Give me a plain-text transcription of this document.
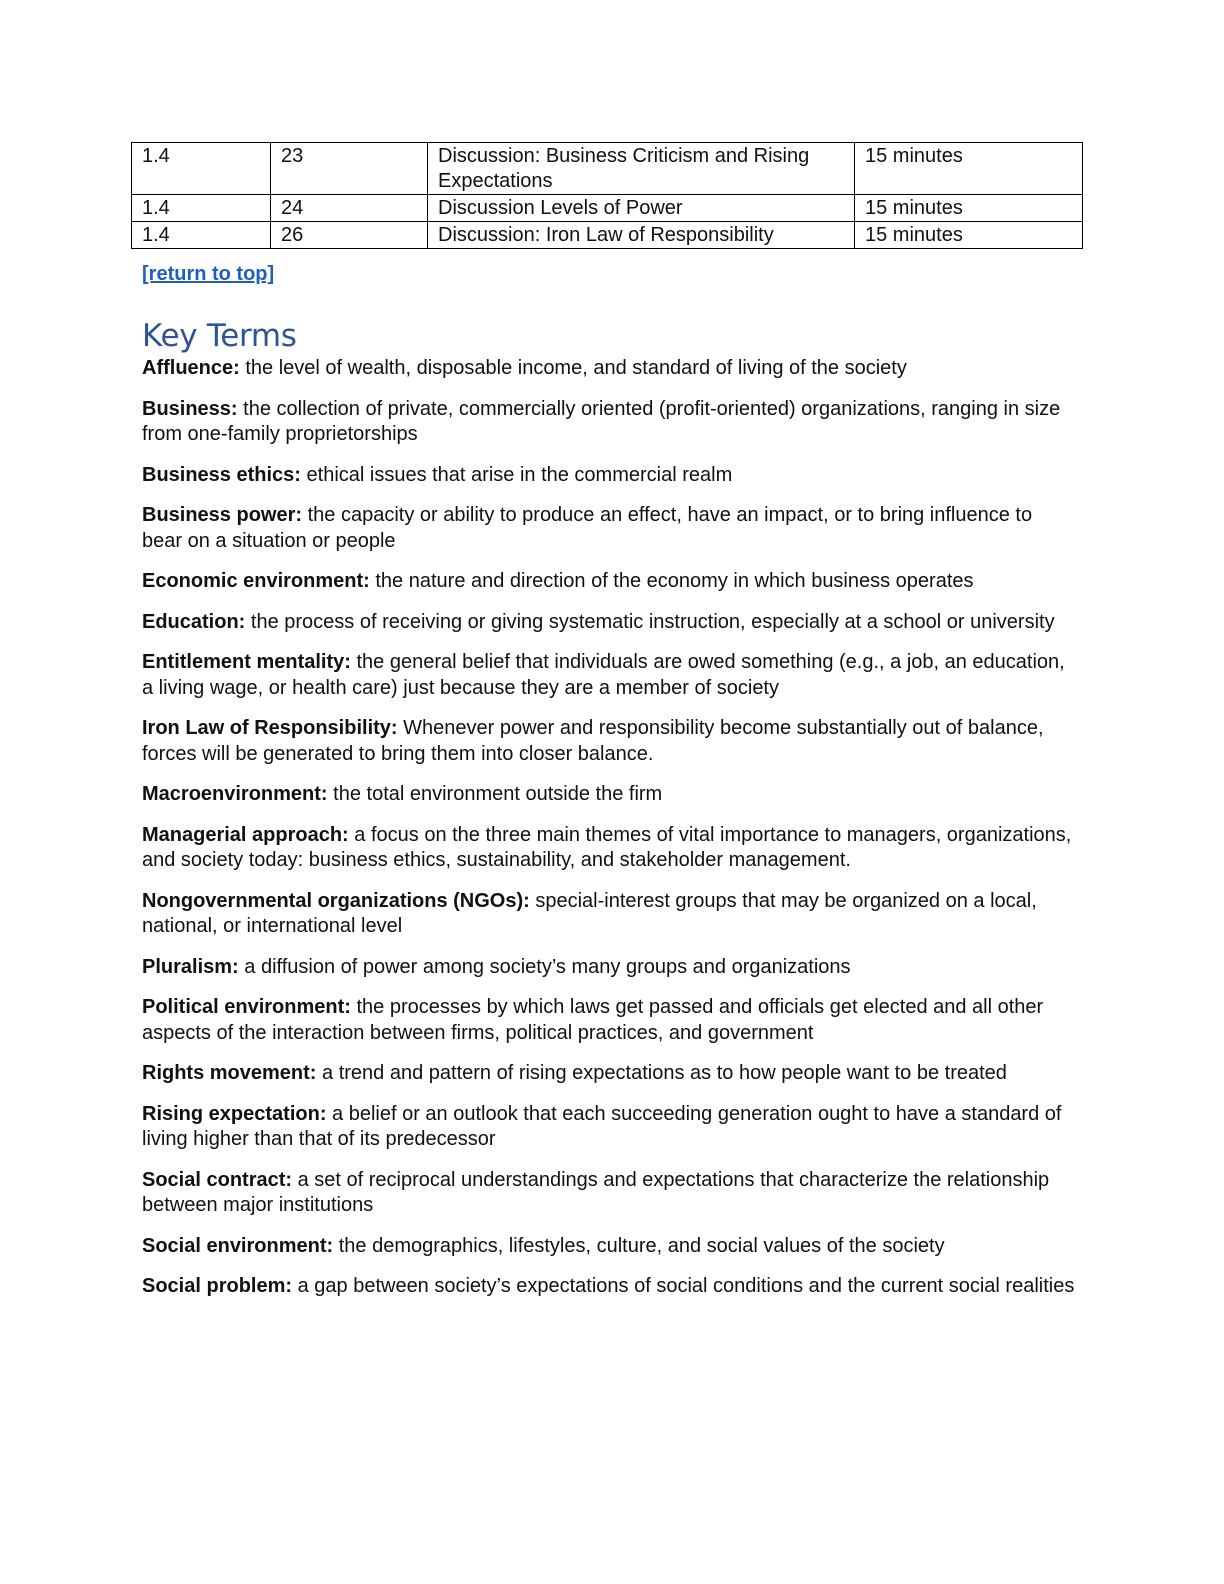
1.4	23	Discussion: Business Criticism and Rising Expectations	15 minutes
1.4	24	Discussion Levels of Power	15 minutes
1.4	26	Discussion: Iron Law of Responsibility	15 minutes
[return to top]
Key Terms

Affluence: the level of wealth, disposable income, and standard of living of the society

Business: the collection of private, commercially oriented (profit-oriented) organizations, ranging in size from one-family proprietorships

Business ethics: ethical issues that arise in the commercial realm

Business power: the capacity or ability to produce an effect, have an impact, or to bring influence to bear on a situation or people

Economic environment: the nature and direction of the economy in which business operates

Education: the process of receiving or giving systematic instruction, especially at a school or university

Entitlement mentality: the general belief that individuals are owed something (e.g., a job, an education, a living wage, or health care) just because they are a member of society

Iron Law of Responsibility: Whenever power and responsibility become substantially out of balance, forces will be generated to bring them into closer balance.

Macroenvironment: the total environment outside the firm

Managerial approach: a focus on the three main themes of vital importance to managers, organizations, and society today: business ethics, sustainability, and stakeholder management.

Nongovernmental organizations (NGOs): special-interest groups that may be organized on a local, national, or international level

Pluralism: a diffusion of power among society’s many groups and organizations

Political environment: the processes by which laws get passed and officials get elected and all other aspects of the interaction between firms, political practices, and government

Rights movement: a trend and pattern of rising expectations as to how people want to be treated

Rising expectation: a belief or an outlook that each succeeding generation ought to have a standard of living higher than that of its predecessor

Social contract: a set of reciprocal understandings and expectations that characterize the relationship between major institutions

Social environment: the demographics, lifestyles, culture, and social values of the society

Social problem: a gap between society’s expectations of social conditions and the current social realities
